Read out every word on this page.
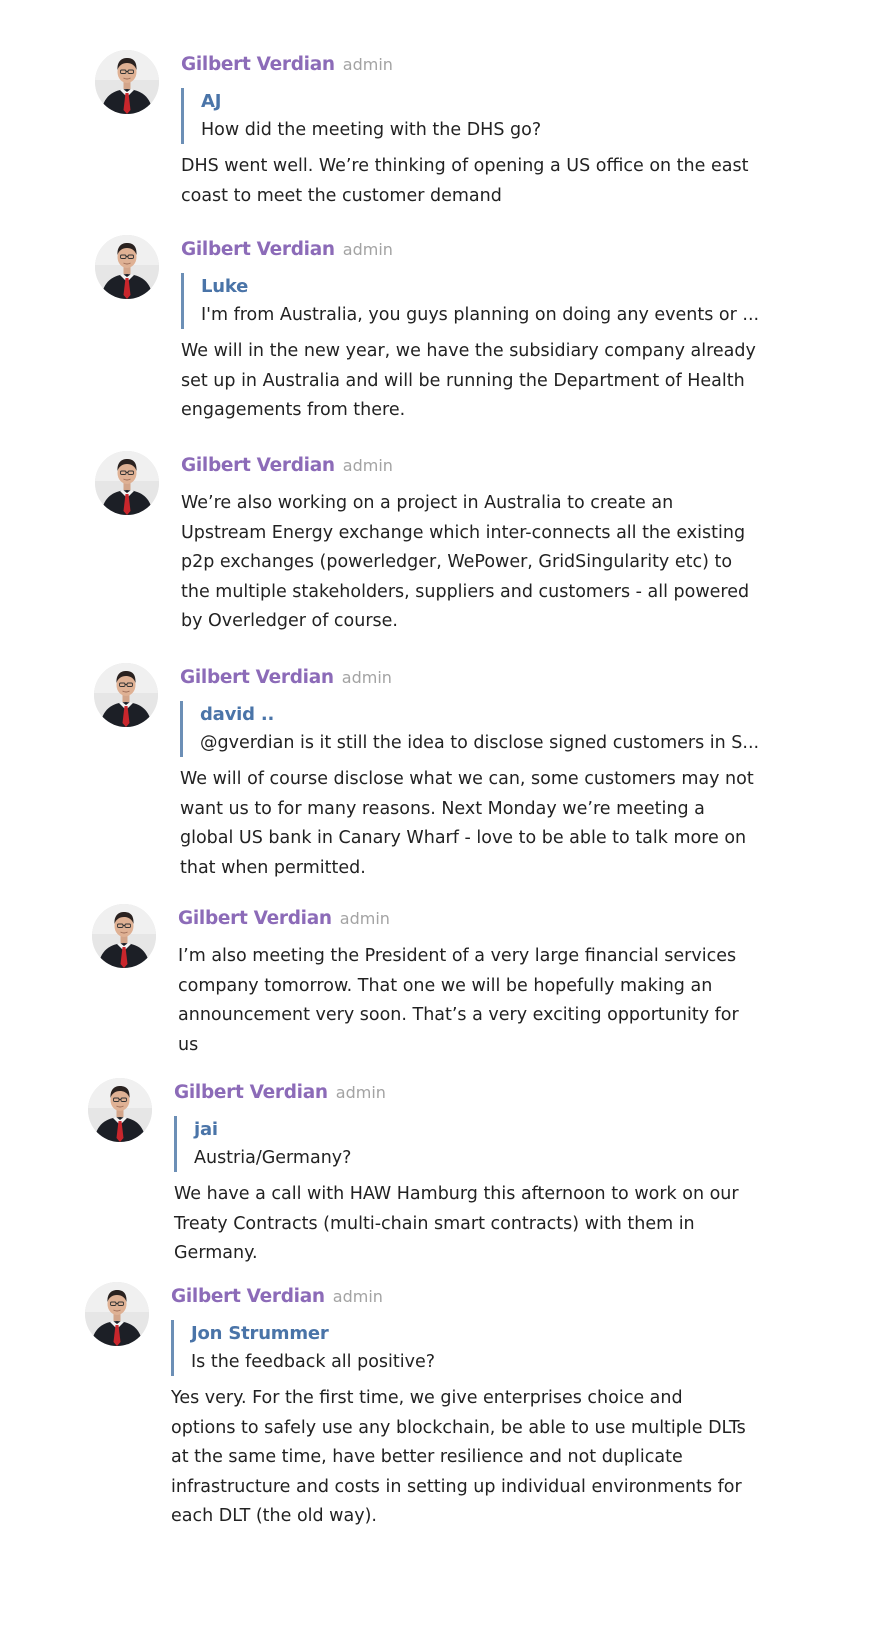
Gilbert Verdian admin
AJ
How did the meeting with the DHS go?
DHS went well. We’re thinking of opening a US office on the east
coast to meet the customer demand
Gilbert Verdian admin
Luke
I'm from Australia, you guys planning on doing any events or ...
We will in the new year, we have the subsidiary company already
set up in Australia and will be running the Department of Health
engagements from there.
Gilbert Verdian admin
We’re also working on a project in Australia to create an
Upstream Energy exchange which inter-connects all the existing
p2p exchanges (powerledger, WePower, GridSingularity etc) to
the multiple stakeholders, suppliers and customers - all powered
by Overledger of course.
Gilbert Verdian admin
david ..
@gverdian is it still the idea to disclose signed customers in S...
We will of course disclose what we can, some customers may not
want us to for many reasons. Next Monday we’re meeting a
global US bank in Canary Wharf - love to be able to talk more on
that when permitted.
Gilbert Verdian admin
I’m also meeting the President of a very large financial services
company tomorrow. That one we will be hopefully making an
announcement very soon. That’s a very exciting opportunity for
us
Gilbert Verdian admin
jai
Austria/Germany?
We have a call with HAW Hamburg this afternoon to work on our
Treaty Contracts (multi-chain smart contracts) with them in
Germany.
Gilbert Verdian admin
Jon Strummer
Is the feedback all positive?
Yes very. For the first time, we give enterprises choice and
options to safely use any blockchain, be able to use multiple DLTs
at the same time, have better resilience and not duplicate
infrastructure and costs in setting up individual environments for
each DLT (the old way).
